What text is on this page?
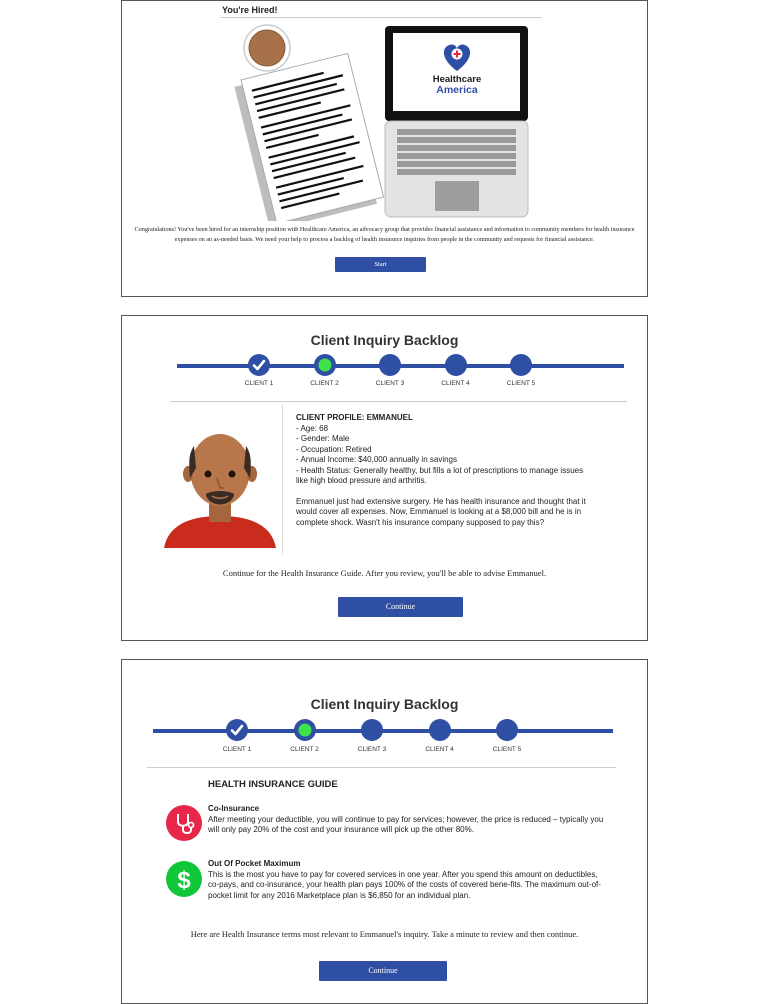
You're Hired!
Healthcare
America
Congratulations! You've been hired for an internship position with Healthcare America, an advocacy group that provides financial assistance and information to community members for health insurance expenses on an as-needed basis. We need your help to process a backlog of health insurance inquiries from people in the community and requests for financial assistance.
Start
Client Inquiry Backlog
CLIENT PROFILE: EMMANUEL
- Age: 68
- Gender: Male
- Occupation: Retired
- Annual Income: $40,000 annually in savings
- Health Status: Generally healthy, but fills a lot of prescriptions to manage issues like high blood pressure and arthritis.
Emmanuel just had extensive surgery. He has health insurance and thought that it would cover all expenses. Now, Emmanuel is looking at a $8,000 bill and he is in complete shock. Wasn't his insurance company supposed to pay this?
Continue for the Health Insurance Guide. After you review, you'll be able to advise Emmanuel.
Continue
CLIENT 1	CLIENT 2	CLIENT 3	CLIENT 4	CLIENT 5
Client Inquiry Backlog
HEALTH INSURANCE GUIDE
Co-Insurance
After meeting your deductible, you will continue to pay for services; however, the price is reduced – typically you will only pay 20% of the cost and your insurance will pick up the other 80%.
$
Out Of Pocket Maximum
This is the most you have to pay for covered services in one year. After you spend this amount on deductibles, co-pays, and co-insurance, your health plan pays 100% of the costs of covered bene-fits. The maximum out-of-pocket limit for any 2016 Marketplace plan is $6,850 for an individual plan.
Here are Health Insurance terms most relevant to Emmanuel's inquiry. Take a minute to review and then continue.
Continue
CLIENT 1	CLIENT 2	CLIENT 3	CLIENT 4	CLIENT 5
